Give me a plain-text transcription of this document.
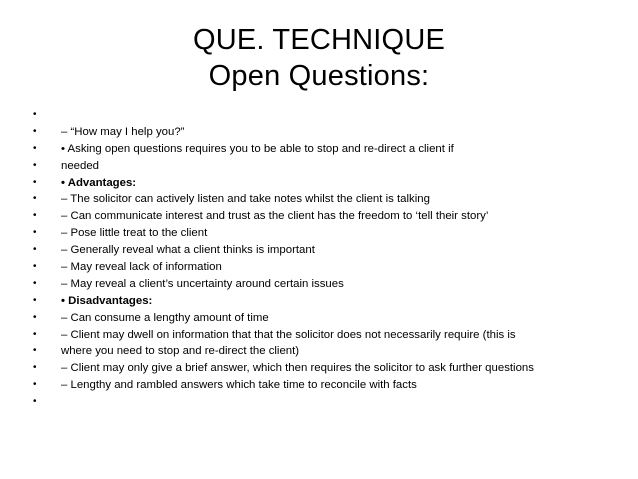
QUE. TECHNIQUE
Open Questions:
•
• – “How may I help you?”
• • Asking open questions requires you to be able to stop and re-direct a client if
• needed
• • Advantages:
• – The solicitor can actively listen and take notes whilst the client is talking
• – Can communicate interest and trust as the client has the freedom to ‘tell their story’
• – Pose little treat to the client
• – Generally reveal what a client thinks is important
• – May reveal lack of information
• – May reveal a client’s uncertainty around certain issues
• • Disadvantages:
• – Can consume a lengthy amount of time
• – Client may dwell on information that that the solicitor does not necessarily require (this is
• where you need to stop and re-direct the client)
• – Client may only give a brief answer, which then requires the solicitor to ask further questions
• – Lengthy and rambled answers which take time to reconcile with facts
•
